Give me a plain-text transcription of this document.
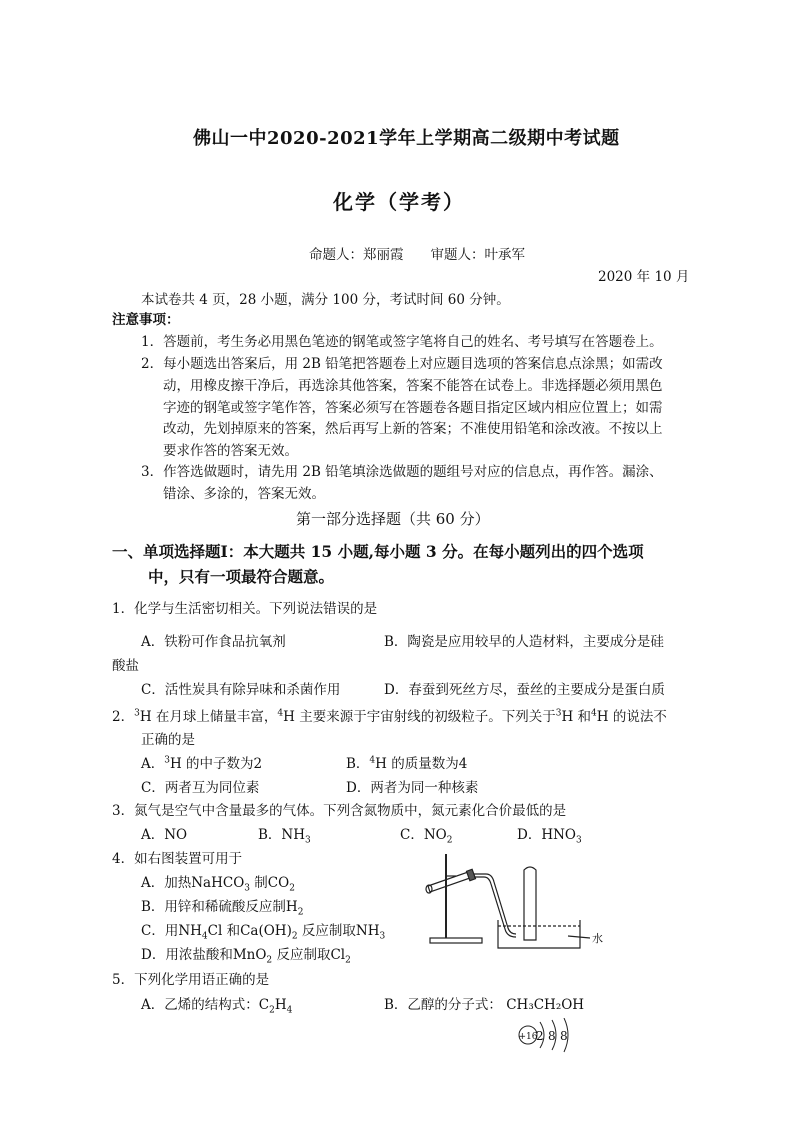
佛山一中2020-2021学年上学期高二级期中考试题
化学（学考）
命题人：郑丽霞　　审题人：叶承军
2020 年 10 月
本试卷共 4 页，28 小题，满分 100 分，考试时间 60 分钟。
注意事项：
1．答题前，考生务必用黑色笔迹的钢笔或签字笔将自己的姓名、考号填写在答题卷上。
2．每小题选出答案后，用 2B 铅笔把答题卷上对应题目选项的答案信息点涂黑；如需改
动，用橡皮擦干净后，再选涂其他答案，答案不能答在试卷上。非选择题必须用黑色
字迹的钢笔或签字笔作答，答案必须写在答题卷各题目指定区域内相应位置上；如需
改动，先划掉原来的答案，然后再写上新的答案；不准使用铅笔和涂改液。不按以上
要求作答的答案无效。
3．作答选做题时，请先用 2B 铅笔填涂选做题的题组号对应的信息点，再作答。漏涂、
错涂、多涂的，答案无效。
第一部分选择题（共 60 分）
一、单项选择题Ⅰ：本大题共 15 小题,每小题 3 分。在每小题列出的四个选项
中，只有一项最符合题意。
1．化学与生活密切相关。下列说法错误的是
A．铁粉可作食品抗氧剂	B．陶瓷是应用较早的人造材料，主要成分是硅
酸盐
C．活性炭具有除异味和杀菌作用	D．春蚕到死丝方尽，蚕丝的主要成分是蛋白质
2．$^3$H 在月球上储量丰富，$^4$H 主要来源于宇宙射线的初级粒子。下列关于$^3$H 和$^4$H 的说法不
正确的是
A．$^3$H 的中子数为2	B．$^4$H 的质量数为4
C．两者互为同位素	D．两者为同一种核素
3．氮气是空气中含量最多的气体。下列含氮物质中，氮元素化合价最低的是
A．NO	B．$NH_3$	C．$NO_2$	D．$HNO_3$
4．如右图装置可用于
A．加热NaHCO$_3$ 制$CO_2$
B．用锌和稀硫酸反应制$H_2$
C．用$NH_4Cl$ 和$Ca(OH)_2$ 反应制取$NH_3$
D．用浓盐酸和MnO$_2$ 反应制取$Cl_2$
水
5．下列化学用语正确的是
A．乙烯的结构式：$C_2H_4$	B．乙醇的分子式： CH₃CH₂OH
+16
2 8 8
